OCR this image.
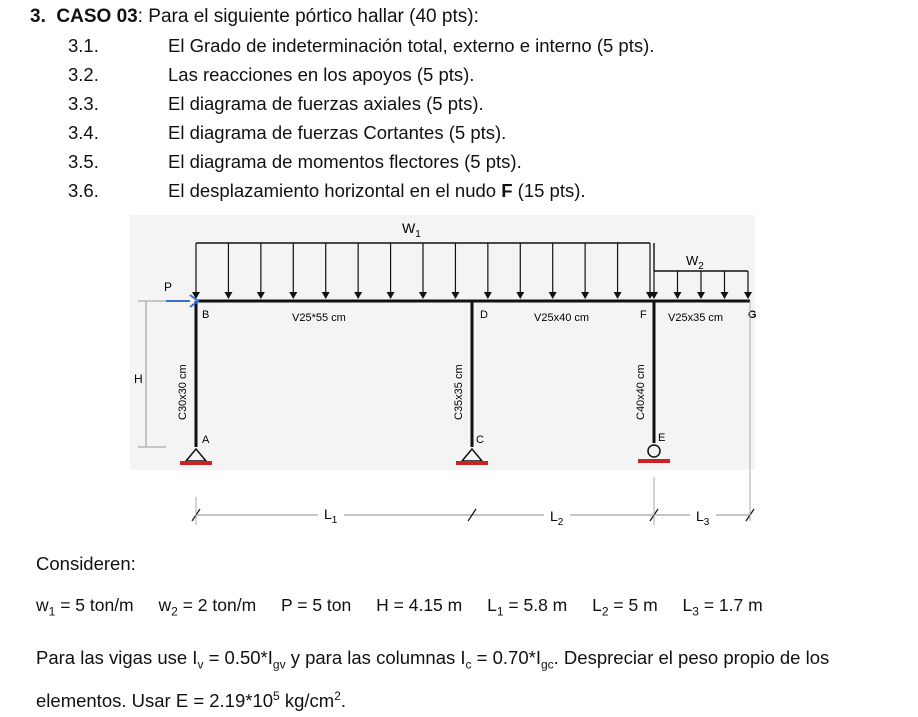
3. CASO 03: Para el siguiente pórtico hallar (40 pts):
3.1.	El Grado de indeterminación total, externo e interno (5 pts).
3.2.	Las reacciones en los apoyos (5 pts).
3.3.	El diagrama de fuerzas axiales (5 pts).
3.4.	El diagrama de fuerzas Cortantes (5 pts).
3.5.	El diagrama de momentos flectores (5 pts).
3.6.	El desplazamiento horizontal en el nudo F (15 pts).
$W_1$
$W_2$
P
H
B
A
D
C
F
E
G
V25*55 cm	V25x40 cm	V25x35 cm
C30x30 cm	C35x35 cm	C40x40 cm
$L_1$	$L_2$	$L_3$
Consideren:
$w_1 = 5$ ton/m $w_2 = 2$ ton/m P = 5 ton H = 4.15 m $L_1 = 5.8$ m $L_2 = 5$ m $L_3 = 1.7$ m
Para las vigas use $I_v = 0.50*I_{gv}$ y para las columnas $I_c = 0.70*I_{gc}$. Despreciar el peso propio de los elementos. Usar $E = 2.19*10^5$ $kg/cm^2$.
